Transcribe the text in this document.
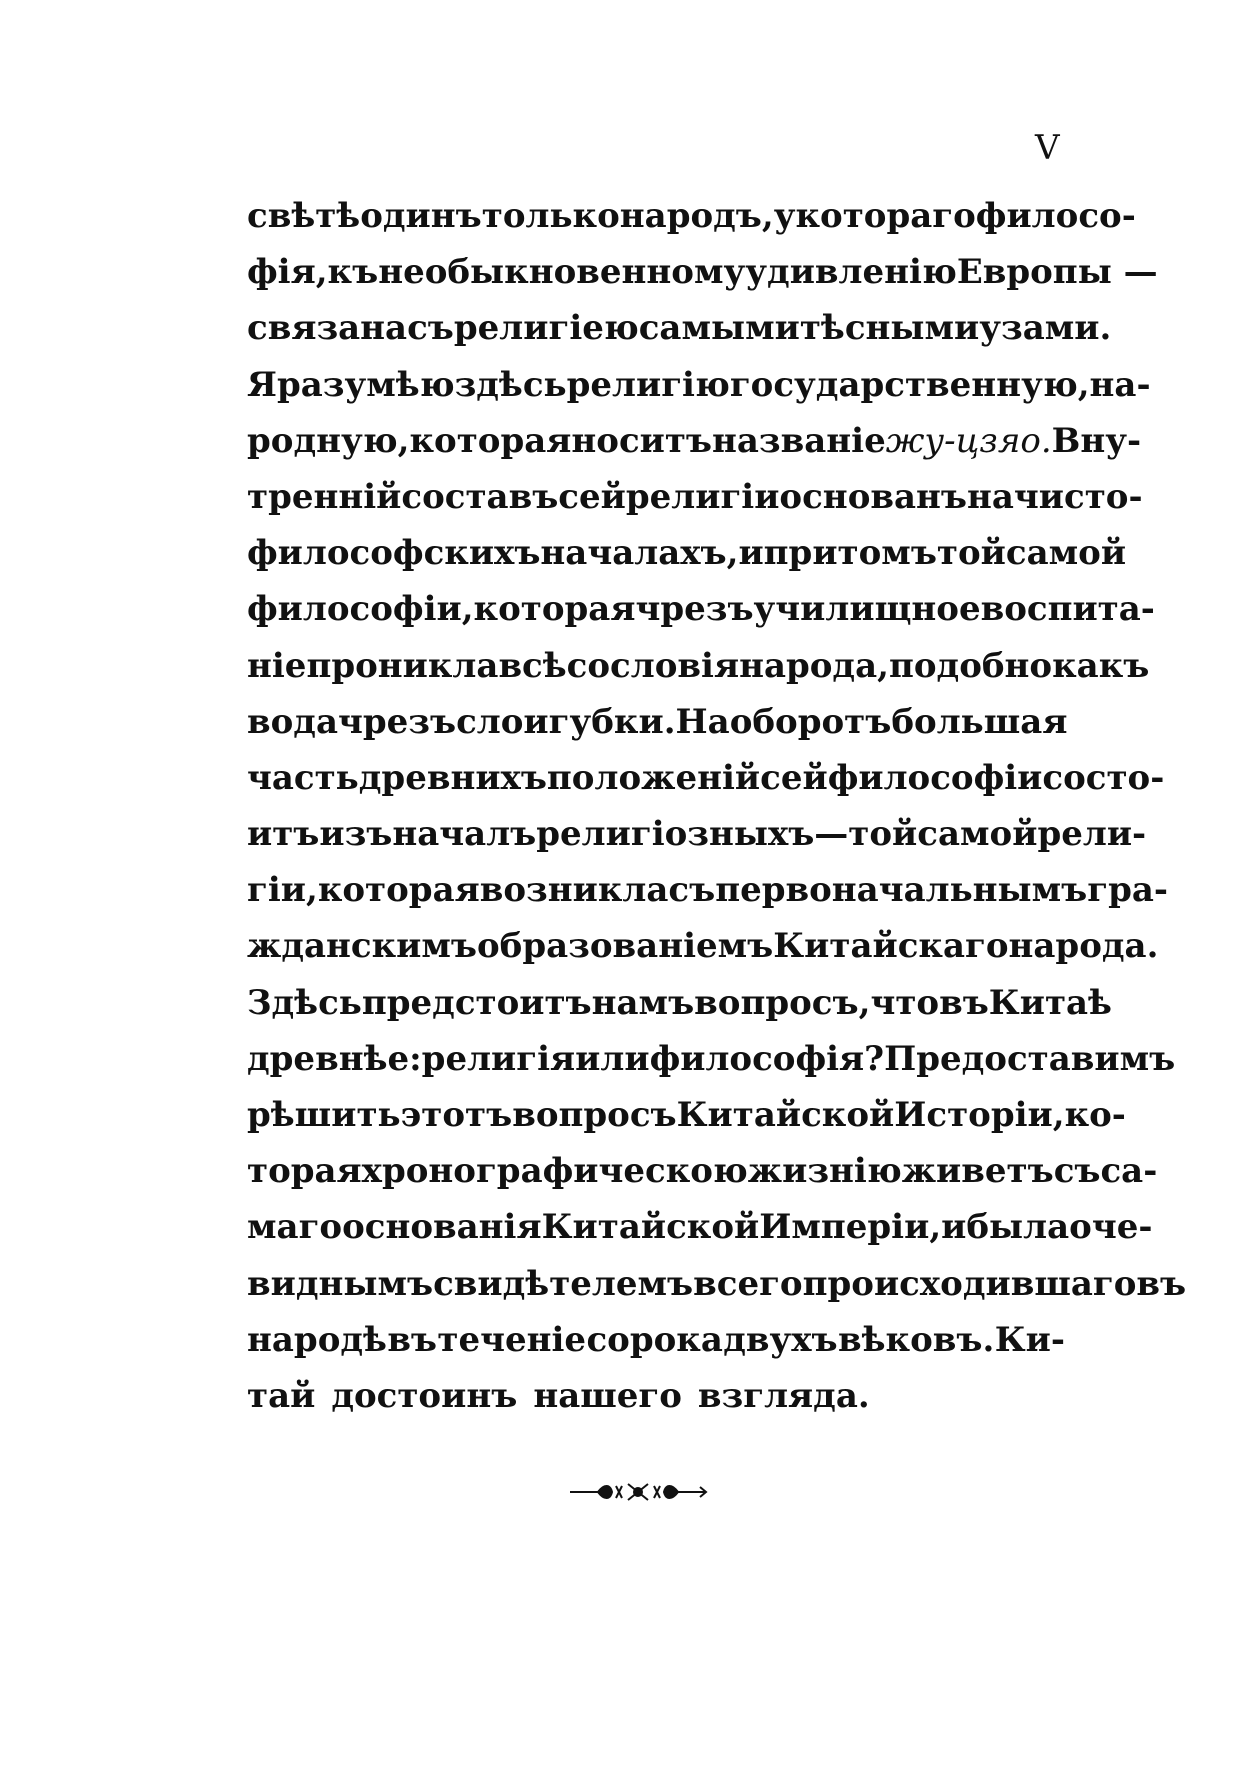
V
свѣтѣ одинъ только народъ, у котораго филосо-
фія, къ необыкновенному удивленію Европы —
связана съ религіею самыми тѣсными узами.
Я разумѣю здѣсь религію государственную, на-
родную, которая носитъ названіе жу-цзяо. Вну-
тренній составъ сей религіи основанъ на чисто-
философскихъ началахъ, и притомъ той самой
философіи, которая чрезъ училищное воспита-
ніе проникла всѣ сословія народа, подобно какъ
вода чрезъ слои губки. Наоборотъ большая
часть древнихъ положеній сей философіи состо-
итъ изъ началъ религіозныхъ—той самой рели-
гіи, которая возникла съ первоначальнымъ гра-
жданскимъ образованіемъ Китайскаго народа.
Здѣсь предстоитъ намъ вопросъ, что въ Китаѣ
древнѣе: религія или философія? Предоставимъ
рѣшить этотъ вопросъ Китайской Исторіи, ко-
торая хронографическою жизнію живетъ съ са-
маго основанія Китайской Имперіи, и была оче-
виднымъ свидѣтелемъ всего происходившаго въ
народѣ въ теченіе сорока двухъ вѣковъ. Ки-
тай достоинъ нашего взгляда.
